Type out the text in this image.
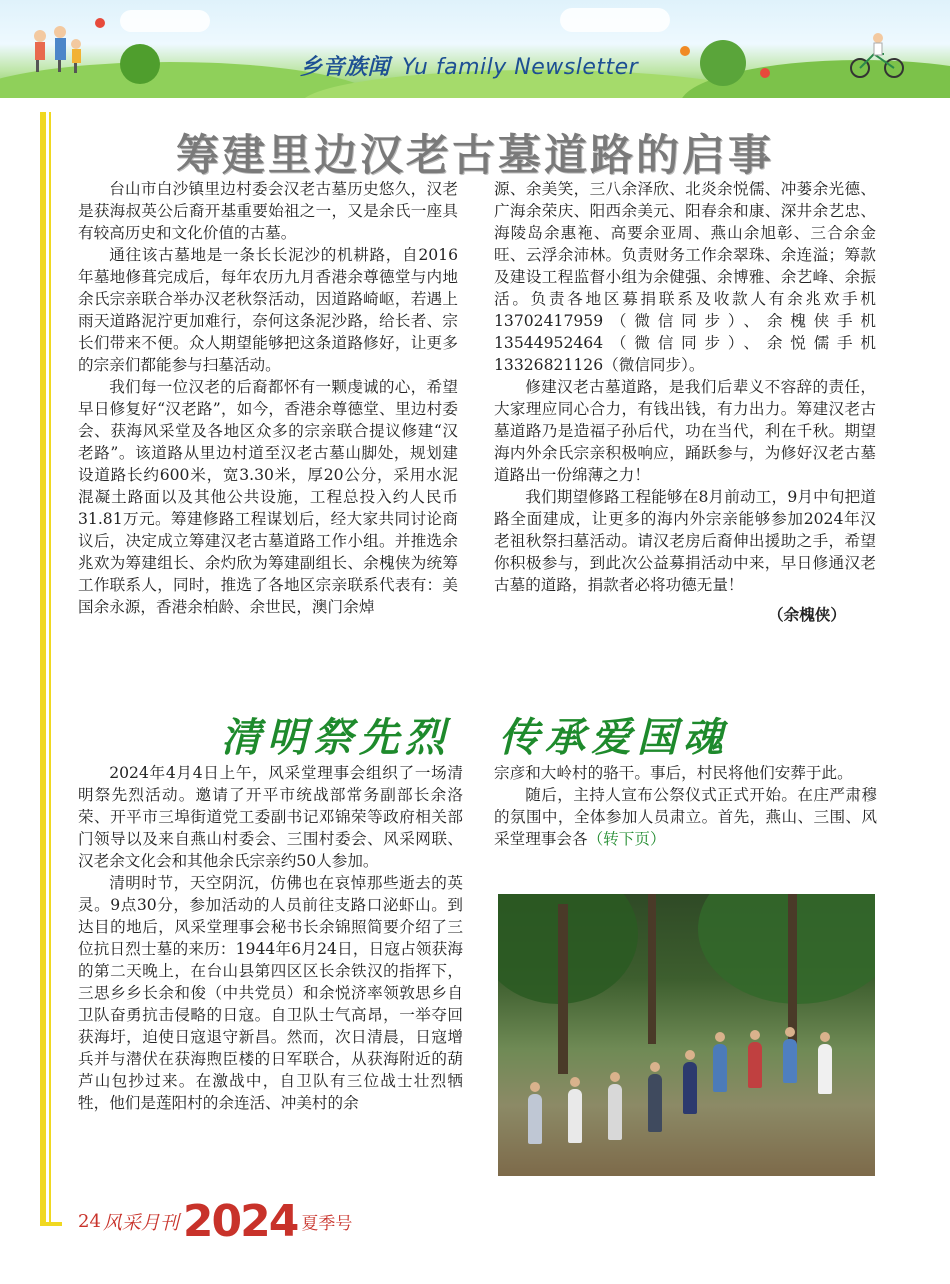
乡音族闻 Yu family Newsletter
筹建里边汉老古墓道路的启事

台山市白沙镇里边村委会汉老古墓历史悠久，汉老是获海叔英公后裔开基重要始祖之一，又是余氏一座具有较高历史和文化价值的古墓。

通往该古墓地是一条长长泥沙的机耕路，自2016年墓地修葺完成后，每年农历九月香港余尊德堂与内地余氏宗亲联合举办汉老秋祭活动，因道路崎岖，若遇上雨天道路泥泞更加难行，奈何这条泥沙路，给长者、宗长们带来不便。众人期望能够把这条道路修好，让更多的宗亲们都能参与扫墓活动。

我们每一位汉老的后裔都怀有一颗虔诚的心，希望早日修复好“汉老路”，如今，香港余尊德堂、里边村委会、获海风采堂及各地区众多的宗亲联合提议修建“汉老路”。该道路从里边村道至汉老古墓山脚处，规划建设道路长约600米，宽3.30米，厚20公分，采用水泥混凝土路面以及其他公共设施，工程总投入约人民币31.81万元。筹建修路工程谋划后，经大家共同讨论商议后，决定成立筹建汉老古墓道路工作小组。并推选余兆欢为筹建组长、余灼欣为筹建副组长、余槐侠为统筹工作联系人，同时，推选了各地区宗亲联系代表有：美国余永源，香港余柏龄、余世民，澳门余焯

源、余美笑，三八余泽欣、北炎余悦儒、冲蒌余光德、广海余荣庆、阳西余美元、阳春余和康、深井余艺忠、海陵岛余惠袘、高要余亚周、燕山余旭彰、三合余金旺、云浮余沛林。负责财务工作余翠珠、余连溢；筹款及建设工程监督小组为余健强、余博雅、余艺峰、余振活。负责各地区募捐联系及收款人有余兆欢手机13702417959（微信同步）、余槐侠手机13544952464（微信同步）、余悦儒手机13326821126（微信同步）。

修建汉老古墓道路，是我们后辈义不容辞的责任，大家理应同心合力，有钱出钱，有力出力。筹建汉老古墓道路乃是造福子孙后代，功在当代，利在千秋。期望海内外余氏宗亲积极响应，踊跃参与，为修好汉老古墓道路出一份绵薄之力！

我们期望修路工程能够在8月前动工，9月中旬把道路全面建成，让更多的海内外宗亲能够参加2024年汉老祖秋祭扫墓活动。请汉老房后裔伸出援助之手，希望你积极参与，到此次公益募捐活动中来，早日修通汉老古墓的道路，捐款者必将功德无量！

（余槐侠）
清明祭先烈 传承爱国魂

2024年4月4日上午，风采堂理事会组织了一场清明祭先烈活动。邀请了开平市统战部常务副部长余洛荣、开平市三埠街道党工委副书记邓锦荣等政府相关部门领导以及来自燕山村委会、三围村委会、风采网联、汉老余文化会和其他余氏宗亲约50人参加。

清明时节，天空阴沉，仿佛也在哀悼那些逝去的英灵。9点30分，参加活动的人员前往支路口泌虾山。到达目的地后，风采堂理事会秘书长余锦照简要介绍了三位抗日烈士墓的来历：1944年6月24日，日寇占领获海的第二天晚上，在台山县第四区区长余铁汉的指挥下，三思乡乡长余和俊（中共党员）和余悦济率领敦思乡自卫队奋勇抗击侵略的日寇。自卫队士气高昂，一举夺回获海圩，迫使日寇退守新昌。然而，次日清晨，日寇增兵并与潜伏在获海煦臣楼的日军联合，从获海附近的葫芦山包抄过来。在激战中，自卫队有三位战士壮烈牺牲，他们是莲阳村的余连活、冲美村的余

宗彦和大岭村的骆干。事后，村民将他们安葬于此。

随后，主持人宣布公祭仪式正式开始。在庄严肃穆的氛围中，全体参加人员肃立。首先，燕山、三围、风采堂理事会各（转下页）

24 风采月刊2024 夏季号
